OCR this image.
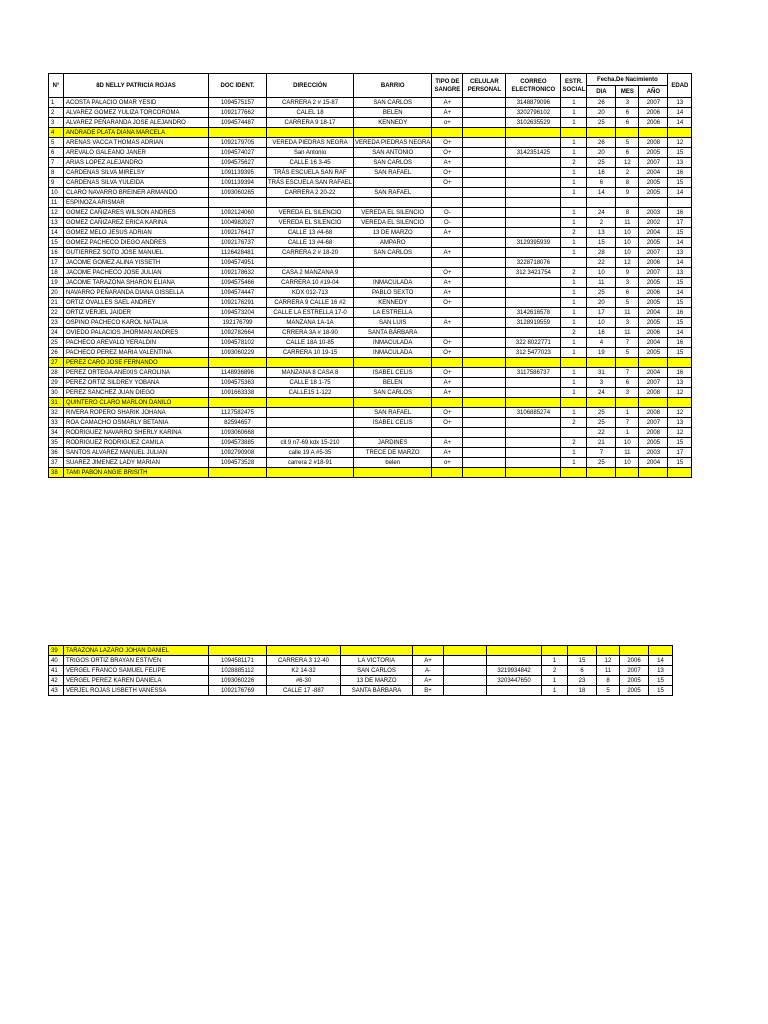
N°	8D NELLY PATRICIA ROJAS	DOC IDENT.	DIRECCIÓN	BARRIO	TIPO DE SANGRE	CELULAR PERSONAL	CORREO ELECTRONICO	ESTR. SOCIAL	Fecha.De Nacimiento			EDAD
									DIA	MES	AÑO	
1	ACOSTA PALACIO OMAR YESID	1094575157	CARRERA 2 # 15-87	SAN CARLOS	A+		3148879096	1	26	3	2007	13
2	ALVAREZ GOMEZ YULIZA TORCOROMA	1092177662	CALEL 18	BELEN	A+		3202796102	1	20	6	2006	14
3	ALVAREZ PEÑARANDA JOSE ALEJANDRO	1094574487	CARRERA 9 18-17	KENNEDY	o+		3102635529	1	25	6	2006	14
4	ANDRADE PLATA DIANA MARCELA											
5	ARENAS VACCA THOMAS ADRIAN	1092179705	VEREDA PIEDRAS NEGRA	VEREDA PIEDRAS NEGRA	O+			1	26	5	2008	12
6	AREVALO GALEANO JANER	1094574027	San Antonio	SAN ANTONIO	O+		3142351425	1	20	6	2005	15
7	ARIAS LOPEZ ALEJANDRO	1094575627	CALLE 16 3-45	SAN CARLOS	A+			2	25	12	2007	13
8	CARDENAS SILVA MIRELSY	1091139395	TRÁS ESCUELA SAN RAF	SAN RAFAEL	O+			1	16	2	2004	16
9	CARDENAS SILVA YULEIDA	1091139394	TRÁS ESCUELA SAN RAFAEL		O+			1	6	8	2005	15
10	CLARO NAVARRO BREINER ARMANDO	1093060265	CARRERA 2 20-22	SAN RAFAEL				1	14	9	2005	14
11	ESPINOZA ARISMAR											
12	GOMEZ CAÑIZARES WILSON ANDRES	1092124060	VEREDA EL SILENCIO	VEREDA EL SILENCIO	O-			1	24	8	2003	16
13	GOMEZ CAÑIZAREZ ERICA KARINA	1004982027	VEREDA EL SILENCIO	VEREDA EL SILENCIO	O-			1	2	11	2002	17
14	GOMEZ MELO JESUS ADRIAN	1092176417	CALLE 13 #4-68	13 DE MARZO	A+			2	13	10	2004	15
15	GOMEZ PACHECO DIEGO ANDRES	1092176737	CALLE 13 #4-68	AMPARO			3129395939	1	15	10	2005	14
16	GUTIERREZ SOTO JOSE MANUEL	1126428481	CARRERA 2 # 18-20	SAN CARLOS	A+			1	28	10	2007	13
17	JACOME GOMEZ ALINA YISSETH	1094574951					3228718076		22	12	2006	14
18	JACOME PACHECO JOSE JULIAN	1092178632	CASA 2 MANZANA 9		O+		312 3421754	2	10	9	2007	13
19	JACOME TARAZONA SHARON ELIANA	1094575466	CARRERA 10 #19-04	INMACULADA	A+			1	11	3	2005	15
20	NAVARRO PEÑARANDA DIANA GISSELLA	1094574447	KDX 012-713	PABLO SEXTO	A+			1	25	6	2006	14
21	ORTIZ OVALLES SAEL ANDREY	1092176291	CARRERA 9 CALLE 16 #2	KENNEDY	O+			1	20	5	2005	15
22	ORTIZ VERJEL JAIDER	1094573204	CALLE LA ESTRELLA 17-0	LA ESTRELLA			3142616578	1	17	11	2004	16
23	OSPINO PACHECO KAROL NATALIA	192176799	MANZANA 1A-1A	SAN LUIS	A+		3128919559	1	10	3	2005	15
24	OVIEDO PALACIOS JHORMAN ANDRES	1092782664	CRRERA 3A # 18-90	SANTA BÁRBARA				2	16	11	2006	14
25	PACHECO AREVALO YERALDIN	1094578102	CALLE 18A 10-85	INMACULADA	O+		322 8022771	1	4	7	2004	16
26	PACHECO PEREZ MARIA VALENTINA	1093060229	CARRERA 10 19-15	INMACULADA	O+		312 5477023	1	19	5	2005	15
27	PEREZ CARO JOSE FERNANDO											
28	PEREZ ORTEGA ANEIXIS CAROLINA	1148936896	MANZANA 8 CASA 8	ISABEL CELIS	O+		3117586737	1	31	7	2004	16
29	PEREZ ORTIZ SILDREY YOBANA	1094575363	CALLE 18 1-75	BELEN	A+			1	3	6	2007	13
30	PEREZ SANCHEZ JUAN DIEGO	1091663338	CALLE15 1-122	SAN CARLOS	A+			1	24	3	2008	12
31	QUINTERO CLARO MARLON DANILO											
32	RIVERA ROPERO SHARIK JOHANA	1127582475		SAN RAFAEL	O+		3106885274	1	25	1	2008	12
33	ROA CAMACHO OSMARLY BETANIA	82594657		ISABEL CELIS	O+			2	25	7	2007	13
34	RODRIGUEZ NAVARRO SHERLY KARINA	1093060668							22	1	2008	12
35	RODRIGUEZ RODRIGUEZ CAMILA	1094573885	cll 9 n7-69 kdx 15-210	JARDINES	A+			2	21	10	2005	15
36	SANTOS ALVAREZ MANUEL JULIAN	1092790908	calle 19 A #5-35	TRECE DE MARZO	A+			1	7	11	2003	17
37	SUAREZ JIMENEZ LADY MARIAN	1094573528	carrera 2 #18-91	belen	o+			1	25	10	2004	15
38	TAMI PABON ANGIE BRISITH											
39	TARAZONA LAZARO JOHAN DANIEL											
40	TRIGOS ORTIZ BRAYAN ESTIVEN	1094581171	CARRERA 3 12-40	LA VICTORIA	A+			1	15	12	2006	14
41	VERGEL FRANCO SAMUEL FELIPE	1028885112	K2 14-32	SAN CARLOS	A-		3219934842	2	6	11	2007	13
42	VERGEL PEREZ KAREN DANIELA	1093060226	#6-30	13 DE MARZO	A+		3203447650	1	23	8	2005	15
43	VERJEL ROJAS LISBETH VANESSA	1092176769	CALLE 17 -887	SANTA BÁRBARA	B+			1	18	5	2005	15
